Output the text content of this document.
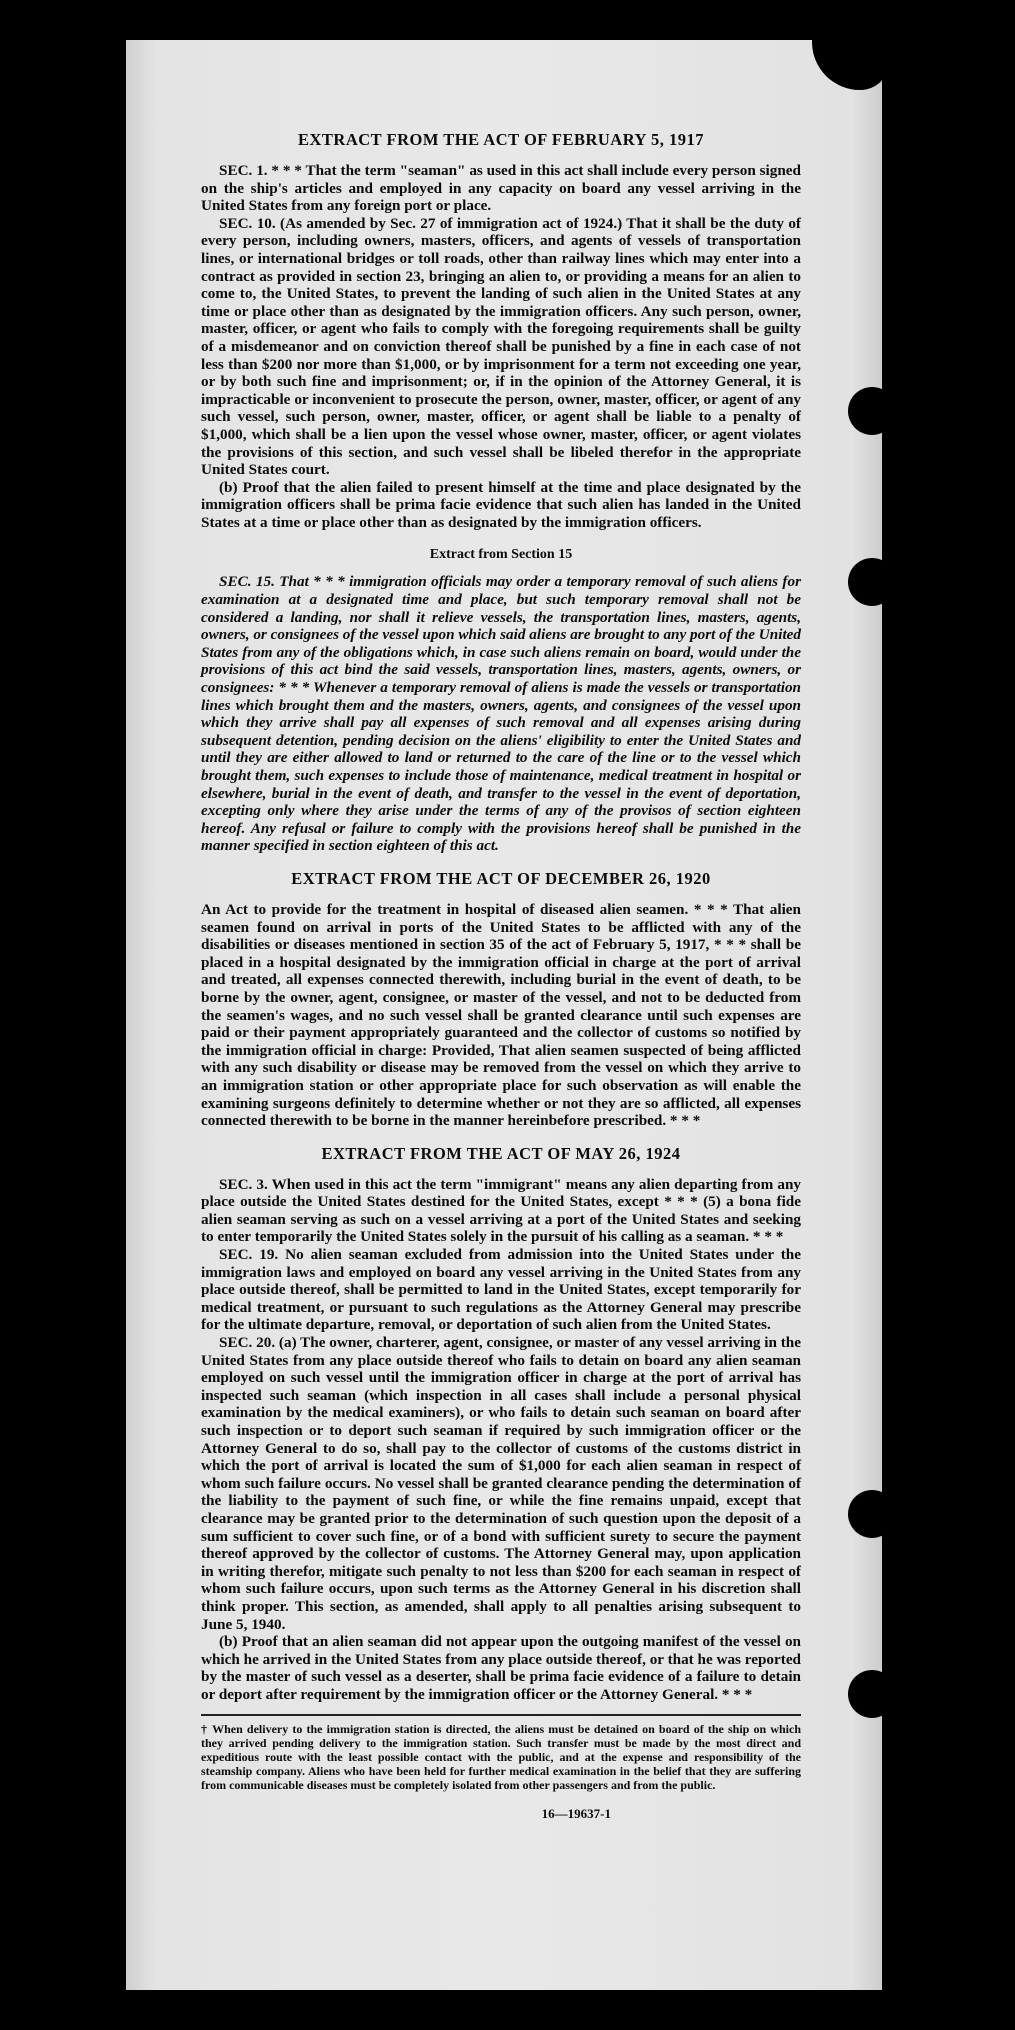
EXTRACT FROM THE ACT OF FEBRUARY 5, 1917

SEC. 1. * * * That the term "seaman" as used in this act shall include every person signed on the ship's articles and employed in any capacity on board any vessel arriving in the United States from any foreign port or place.

SEC. 10. (As amended by Sec. 27 of immigration act of 1924.) That it shall be the duty of every person, including owners, masters, officers, and agents of vessels of transportation lines, or international bridges or toll roads, other than railway lines which may enter into a contract as provided in section 23, bringing an alien to, or providing a means for an alien to come to, the United States, to prevent the landing of such alien in the United States at any time or place other than as designated by the immigration officers. Any such person, owner, master, officer, or agent who fails to comply with the foregoing requirements shall be guilty of a misdemeanor and on conviction thereof shall be punished by a fine in each case of not less than $200 nor more than $1,000, or by imprisonment for a term not exceeding one year, or by both such fine and imprisonment; or, if in the opinion of the Attorney General, it is impracticable or inconvenient to prosecute the person, owner, master, officer, or agent of any such vessel, such person, owner, master, officer, or agent shall be liable to a penalty of $1,000, which shall be a lien upon the vessel whose owner, master, officer, or agent violates the provisions of this section, and such vessel shall be libeled therefor in the appropriate United States court.

(b) Proof that the alien failed to present himself at the time and place designated by the immigration officers shall be prima facie evidence that such alien has landed in the United States at a time or place other than as designated by the immigration officers.

Extract from Section 15

SEC. 15. That * * * immigration officials may order a temporary removal of such aliens for examination at a designated time and place, but such temporary removal shall not be considered a landing, nor shall it relieve vessels, the transportation lines, masters, agents, owners, or consignees of the vessel upon which said aliens are brought to any port of the United States from any of the obligations which, in case such aliens remain on board, would under the provisions of this act bind the said vessels, transportation lines, masters, agents, owners, or consignees: * * * Whenever a temporary removal of aliens is made the vessels or transportation lines which brought them and the masters, owners, agents, and consignees of the vessel upon which they arrive shall pay all expenses of such removal and all expenses arising during subsequent detention, pending decision on the aliens' eligibility to enter the United States and until they are either allowed to land or returned to the care of the line or to the vessel which brought them, such expenses to include those of maintenance, medical treatment in hospital or elsewhere, burial in the event of death, and transfer to the vessel in the event of deportation, excepting only where they arise under the terms of any of the provisos of section eighteen hereof. Any refusal or failure to comply with the provisions hereof shall be punished in the manner specified in section eighteen of this act.

EXTRACT FROM THE ACT OF DECEMBER 26, 1920

An Act to provide for the treatment in hospital of diseased alien seamen. * * * That alien seamen found on arrival in ports of the United States to be afflicted with any of the disabilities or diseases mentioned in section 35 of the act of February 5, 1917, * * * shall be placed in a hospital designated by the immigration official in charge at the port of arrival and treated, all expenses connected therewith, including burial in the event of death, to be borne by the owner, agent, consignee, or master of the vessel, and not to be deducted from the seamen's wages, and no such vessel shall be granted clearance until such expenses are paid or their payment appropriately guaranteed and the collector of customs so notified by the immigration official in charge: Provided, That alien seamen suspected of being afflicted with any such disability or disease may be removed from the vessel on which they arrive to an immigration station or other appropriate place for such observation as will enable the examining surgeons definitely to determine whether or not they are so afflicted, all expenses connected therewith to be borne in the manner hereinbefore prescribed. * * *

EXTRACT FROM THE ACT OF MAY 26, 1924

SEC. 3. When used in this act the term "immigrant" means any alien departing from any place outside the United States destined for the United States, except * * * (5) a bona fide alien seaman serving as such on a vessel arriving at a port of the United States and seeking to enter temporarily the United States solely in the pursuit of his calling as a seaman. * * *

SEC. 19. No alien seaman excluded from admission into the United States under the immigration laws and employed on board any vessel arriving in the United States from any place outside thereof, shall be permitted to land in the United States, except temporarily for medical treatment, or pursuant to such regulations as the Attorney General may prescribe for the ultimate departure, removal, or deportation of such alien from the United States.

SEC. 20. (a) The owner, charterer, agent, consignee, or master of any vessel arriving in the United States from any place outside thereof who fails to detain on board any alien seaman employed on such vessel until the immigration officer in charge at the port of arrival has inspected such seaman (which inspection in all cases shall include a personal physical examination by the medical examiners), or who fails to detain such seaman on board after such inspection or to deport such seaman if required by such immigration officer or the Attorney General to do so, shall pay to the collector of customs of the customs district in which the port of arrival is located the sum of $1,000 for each alien seaman in respect of whom such failure occurs. No vessel shall be granted clearance pending the determination of the liability to the payment of such fine, or while the fine remains unpaid, except that clearance may be granted prior to the determination of such question upon the deposit of a sum sufficient to cover such fine, or of a bond with sufficient surety to secure the payment thereof approved by the collector of customs. The Attorney General may, upon application in writing therefor, mitigate such penalty to not less than $200 for each seaman in respect of whom such failure occurs, upon such terms as the Attorney General in his discretion shall think proper. This section, as amended, shall apply to all penalties arising subsequent to June 5, 1940.

(b) Proof that an alien seaman did not appear upon the outgoing manifest of the vessel on which he arrived in the United States from any place outside thereof, or that he was reported by the master of such vessel as a deserter, shall be prima facie evidence of a failure to detain or deport after requirement by the immigration officer or the Attorney General. * * *

† When delivery to the immigration station is directed, the aliens must be detained on board of the ship on which they arrived pending delivery to the immigration station. Such transfer must be made by the most direct and expeditious route with the least possible contact with the public, and at the expense and responsibility of the steamship company. Aliens who have been held for further medical examination in the belief that they are suffering from communicable diseases must be completely isolated from other passengers and from the public.
16—19637-1
